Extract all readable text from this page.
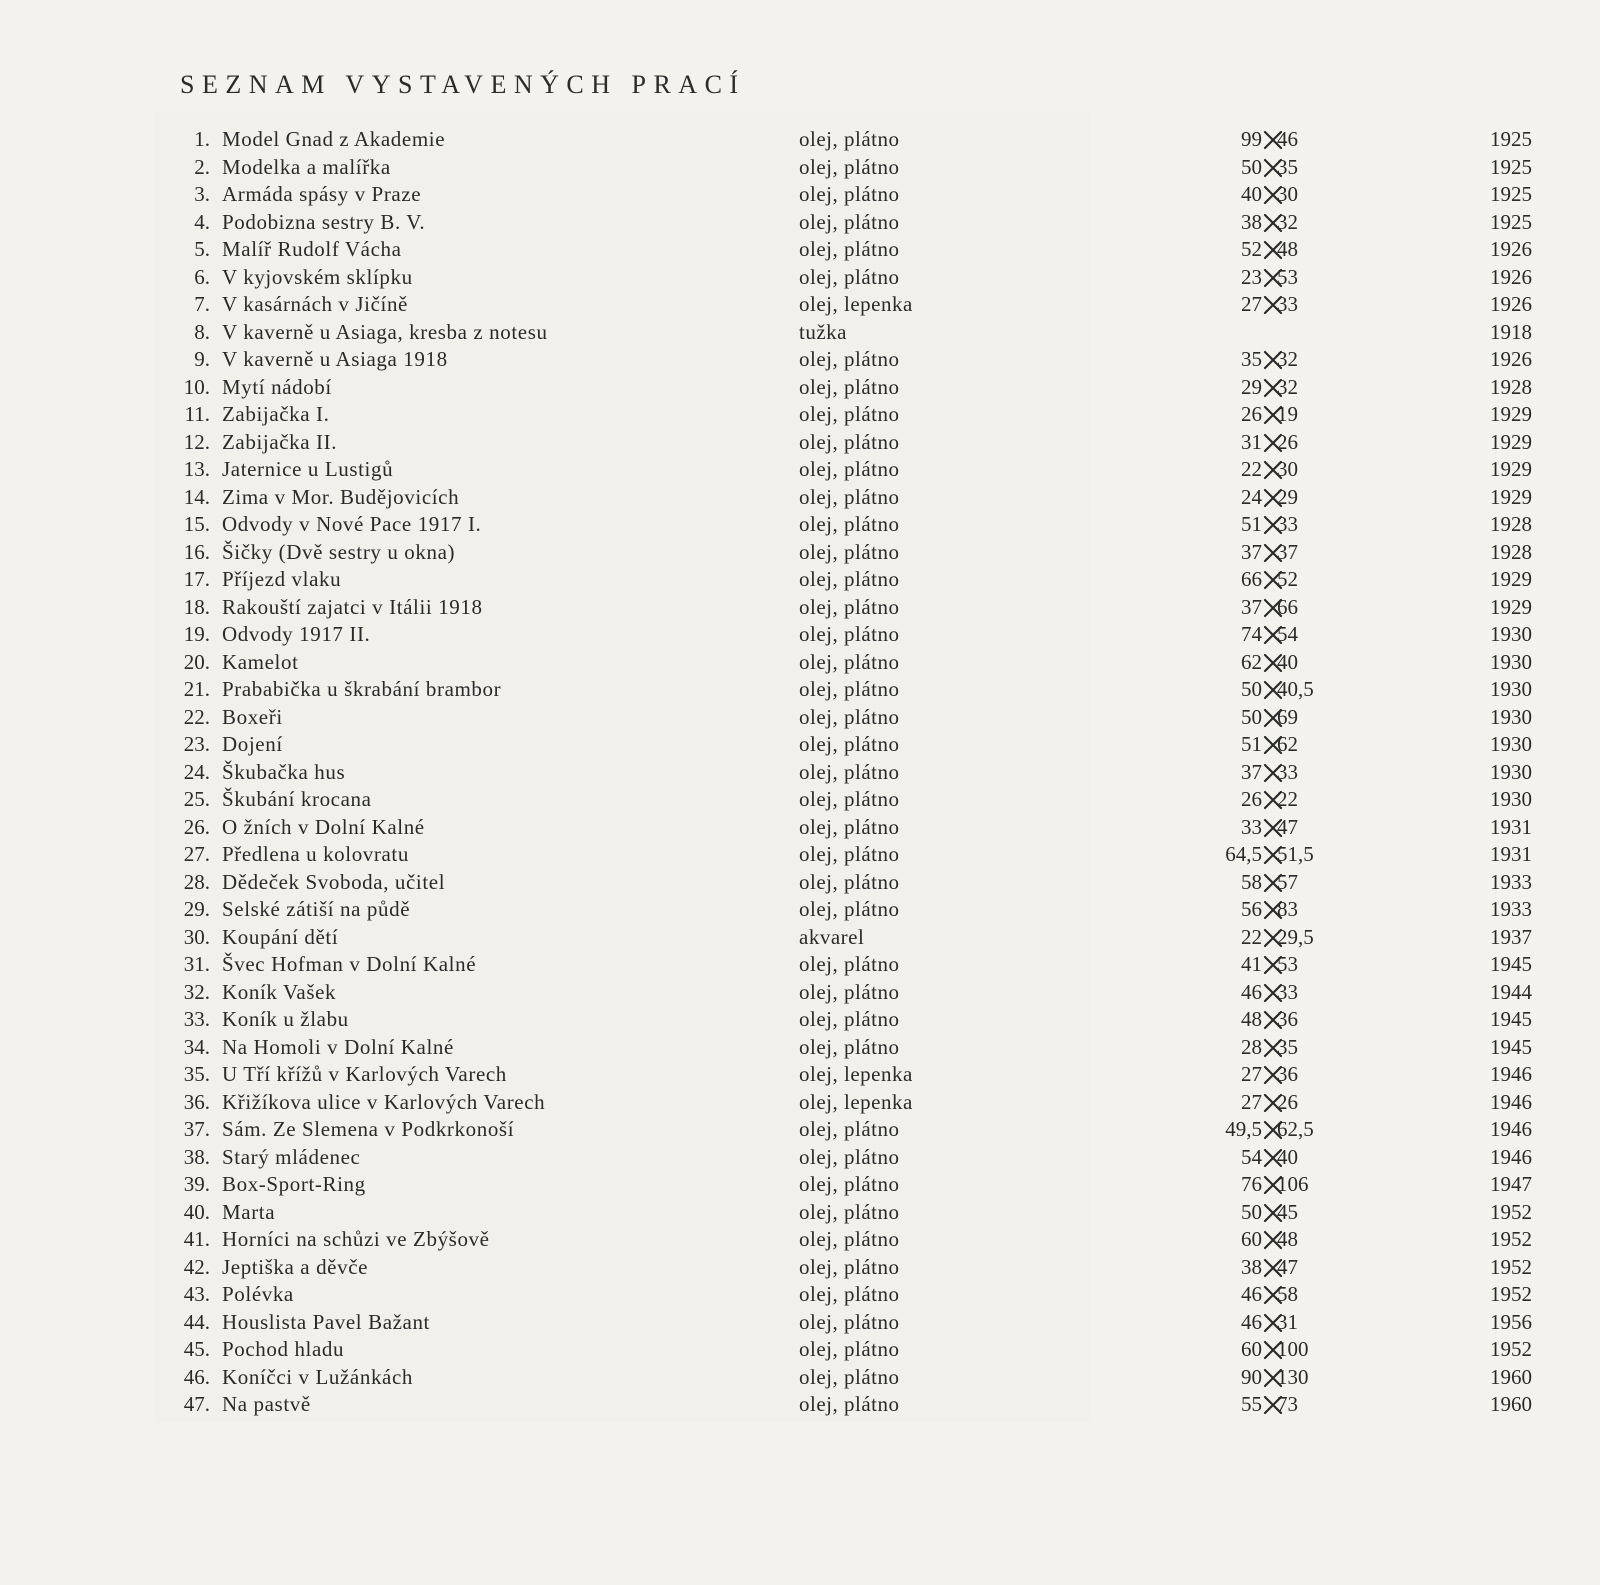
SEZNAM VYSTAVENÝCH PRACÍ
1. Model Gnad z Akademie	olej, plátno	99 46	1925
2. Modelka a malířka	olej, plátno	50 35	1925
3. Armáda spásy v Praze	olej, plátno	40 30	1925
4. Podobizna sestry B. V.	olej, plátno	38 32	1925
5. Malíř Rudolf Vácha	olej, plátno	52 48	1926
6. V kyjovském sklípku	olej, plátno	23 53	1926
7. V kasárnách v Jičíně	olej, lepenka	27 33	1926
8. V kaverně u Asiaga, kresba z notesu	tužka	1918
9. V kaverně u Asiaga 1918	olej, plátno	35 32	1926
10. Mytí nádobí	olej, plátno	29 32	1928
11. Zabijačka I.	olej, plátno	26 19	1929
12. Zabijačka II.	olej, plátno	31 26	1929
13. Jaternice u Lustigů	olej, plátno	22 30	1929
14. Zima v Mor. Budějovicích	olej, plátno	24 29	1929
15. Odvody v Nové Pace 1917 I.	olej, plátno	51 33	1928
16. Šičky (Dvě sestry u okna)	olej, plátno	37 37	1928
17. Příjezd vlaku	olej, plátno	66 52	1929
18. Rakouští zajatci v Itálii 1918	olej, plátno	37 66	1929
19. Odvody 1917 II.	olej, plátno	74 54	1930
20. Kamelot	olej, plátno	62 40	1930
21. Prababička u škrabání brambor	olej, plátno	50 40,5	1930
22. Boxeři	olej, plátno	50 69	1930
23. Dojení	olej, plátno	51 62	1930
24. Škubačka hus	olej, plátno	37 33	1930
25. Škubání krocana	olej, plátno	26 22	1930
26. O žních v Dolní Kalné	olej, plátno	33 47	1931
27. Předlena u kolovratu	olej, plátno	64,5 51,5	1931
28. Dědeček Svoboda, učitel	olej, plátno	58 57	1933
29. Selské zátiší na půdě	olej, plátno	56 83	1933
30. Koupání dětí	akvarel	22 29,5	1937
31. Švec Hofman v Dolní Kalné	olej, plátno	41 53	1945
32. Koník Vašek	olej, plátno	46 33	1944
33. Koník u žlabu	olej, plátno	48 36	1945
34. Na Homoli v Dolní Kalné	olej, plátno	28 35	1945
35. U Tří křížů v Karlových Varech	olej, lepenka	27 36	1946
36. Křižíkova ulice v Karlových Varech	olej, lepenka	27 26	1946
37. Sám. Ze Slemena v Podkrkonoší	olej, plátno	49,5 62,5	1946
38. Starý mládenec	olej, plátno	54 40	1946
39. Box-Sport-Ring	olej, plátno	76 106	1947
40. Marta	olej, plátno	50 45	1952
41. Horníci na schůzi ve Zbýšově	olej, plátno	60 48	1952
42. Jeptiška a děvče	olej, plátno	38 47	1952
43. Polévka	olej, plátno	46 58	1952
44. Houslista Pavel Bažant	olej, plátno	46 31	1956
45. Pochod hladu	olej, plátno	60 100	1952
46. Koníčci v Lužánkách	olej, plátno	90 130	1960
47. Na pastvě	olej, plátno	55 73	1960
